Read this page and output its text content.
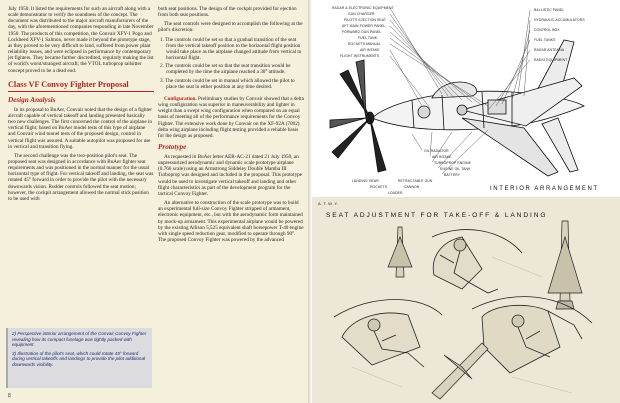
July 1950. It listed the requirements for such an aircraft along with a scale demonstrator to verify the soundness of the concept. The document was distributed to the major aircraft manufacturers of the day, with the aforementioned companies responding in late November 1950. The products of this competition, the Convair XFY-1 Pogo and Lockheed XFV-1 Salmon, never made it beyond the prototype stage, as they proved to be very difficult to land, suffered from power plant reliability issues, and were eclipsed in performance by contemporary jet fighters. They became further discredited, regularly making the list of world's worst/strangest aircraft; the VTOL turboprop tailsitter concept proved to be a dead end.

Class VF Convoy Fighter Proposal
Design Analysis

In its proposal to BuAer, Convair noted that the design of a fighter aircraft capable of vertical takeoff and landing presented basically two new challenges. The first concerned the control of the airplane in vertical flight; based on BuAer model tests of this type of airplane and Convair wind tunnel tests of the proposed design, control in vertical flight was assured. A suitable autopilot was proposed for use in vertical and transition flying.

The second challenge was the two-position pilot's seat. The proposed seat was designed in accordance with BuAer fighter seat requirements and was positioned in the normal manner for the usual horizontal type of flight. For vertical takeoff and landing, the seat was rotated 45° forward in order to provide the pilot with the necessary downwards vision. Rudder controls followed the seat motion; however, the cockpit arrangement allowed the normal stick position to be used with

both seat positions. The design of the cockpit provided for ejection from both seat positions.

The seat controls were designed to accomplish the following at the pilot's discretion:

1. The controls could be set so that a gradual transition of the seat from the vertical takeoff position to the horizontal flight position would take place as the airplane changed attitude from vertical to horizontal flight.

2. The controls could be set so that the seat transition would be completed by the time the airplane reached a 30° attitude.

3. The controls could be set in manual which allowed the pilot to place the seat in either position at any time desired.

Configuration. Preliminary studies by Convair showed that a delta wing configuration was superior in maneuverability and lighter in weight than a swept wing configuration when compared on an equal basis of meeting all of the performance requirements for the Convoy Fighter. The extensive work done by Convair on the XF-92A (7002) delta wing airplane including flight testing provided a reliable basis for the design as proposed.

Prototype

As requested in BuAer letter AER-AC-21 dated 21 July 1950, an unpressurized aerodynamic and dynamic scale prototype airplane (0.766 scale) using an Armstrong Siddeley Double Mamba III Turboprop was designed and included in the proposal. This prototype would be used to investigate vertical takeoff and landing and other flight characteristics as part of the development program for the tactical Convoy Fighter.

An alternative to construction of the scale prototype was to build an experimental full-size Convoy Fighter stripped of armament, electronic equipment, etc., but with the aerodynamic form maintained by mock-up armament. This experimental airplane would be powered by the existing Allison 5,525 equivalent shaft horsepower T-40 engine with single speed reduction gear, modified to operate through 90°. The proposed Convoy Fighter was powered by the advanced

2) Perspective interior arrangement of the Convair Convoy Fighter revealing how its compact fuselage was tightly packed with equipment.

3) Illustration of the pilot's seat, which could rotate 45° forward during vertical takeoffs and landings to provide the pilot additional downwards visibility.

8
RADAR & ELECTRONIC EQUIPMENT
GUN CHARGER
PILOT'S EJECTION SEAT
AFT MAIN POWER PANEL
FORWARD GUN PANEL
FUEL TANK
ROCKETS MANUAL
AIR INTAKE
FLIGHT INSTRUMENTS
BALLISTIC PANEL
HYDRAULIC ACCUMULATORS
CONTROL BOX
FUEL TANKS
RADAR ANTENNA
RADIO EQUIPMENT
OIL RADIATOR
AIR INTAKE
TURBOPROP ENGINE
ENGINE OIL TANK
BATTERY
LANDING GEAR
ROCKETS
RETRACTABLE GUN
CANNON
LOADER
INTERIOR ARRANGEMENT
A.T.W.Y.
SEAT ADJUSTMENT FOR TAKE-OFF & LANDING
